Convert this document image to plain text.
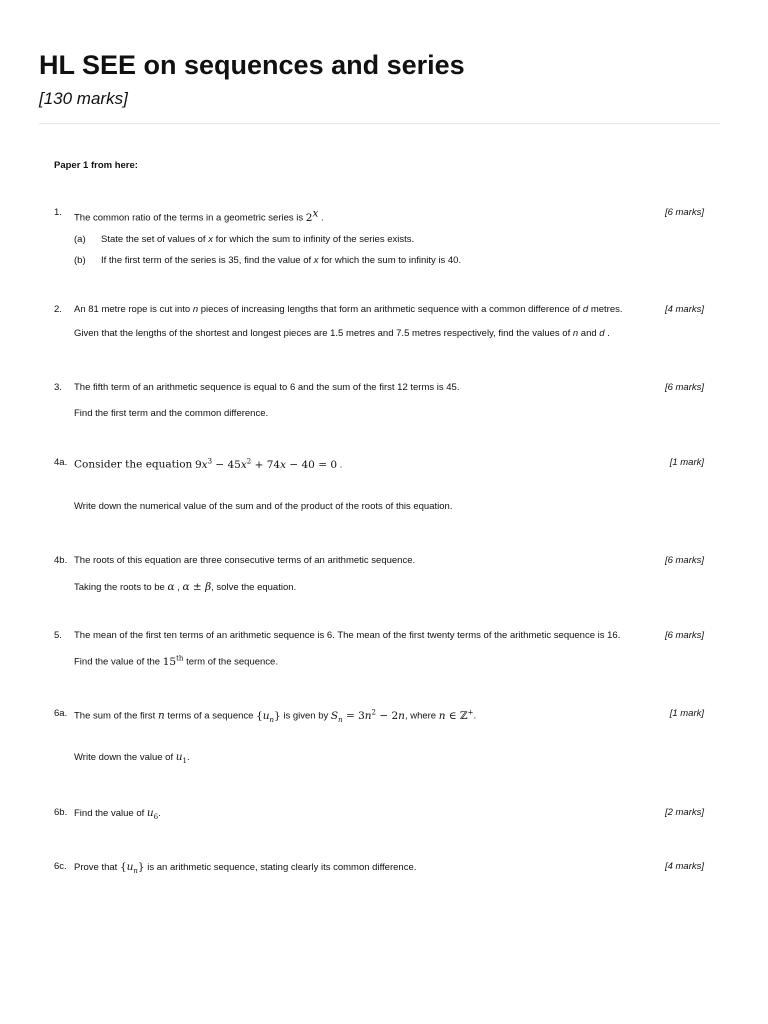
HL SEE on sequences and series
[130 marks]
Paper 1 from here:
1. The common ratio of the terms in a geometric series is 2$^x$ .	[6 marks]
(a) State the set of values of x for which the sum to infinity of the series exists.
(b) If the first term of the series is 35, find the value of x for which the sum to infinity is 40.
2. An 81 metre rope is cut into n pieces of increasing lengths that form an arithmetic sequence with a common difference of d metres.	[4 marks]
Given that the lengths of the shortest and longest pieces are 1.5 metres and 7.5 metres respectively, find the values of n and d .
3. The fifth term of an arithmetic sequence is equal to 6 and the sum of the first 12 terms is 45.	[6 marks]
Find the first term and the common difference.
4a. Consider the equation $9x^3 - 45x^2 + 74x - 40 = 0$ .	[1 mark]
Write down the numerical value of the sum and of the product of the roots of this equation.
4b. The roots of this equation are three consecutive terms of an arithmetic sequence.	[6 marks]
Taking the roots to be α , α ± β, solve the equation.
5. The mean of the first ten terms of an arithmetic sequence is 6. The mean of the first twenty terms of the arithmetic sequence is 16.	[6 marks]
Find the value of the 15th term of the sequence.
6a. The sum of the first n terms of a sequence $\{u_n\}$ is given by $S_n = 3n^2 - 2n$, where n ∈ ℤ+.	[1 mark]
Write down the value of $u_1$.
6b. Find the value of $u_6$.	[2 marks]
6c. Prove that $\{u_n\}$ is an arithmetic sequence, stating clearly its common difference.	[4 marks]
